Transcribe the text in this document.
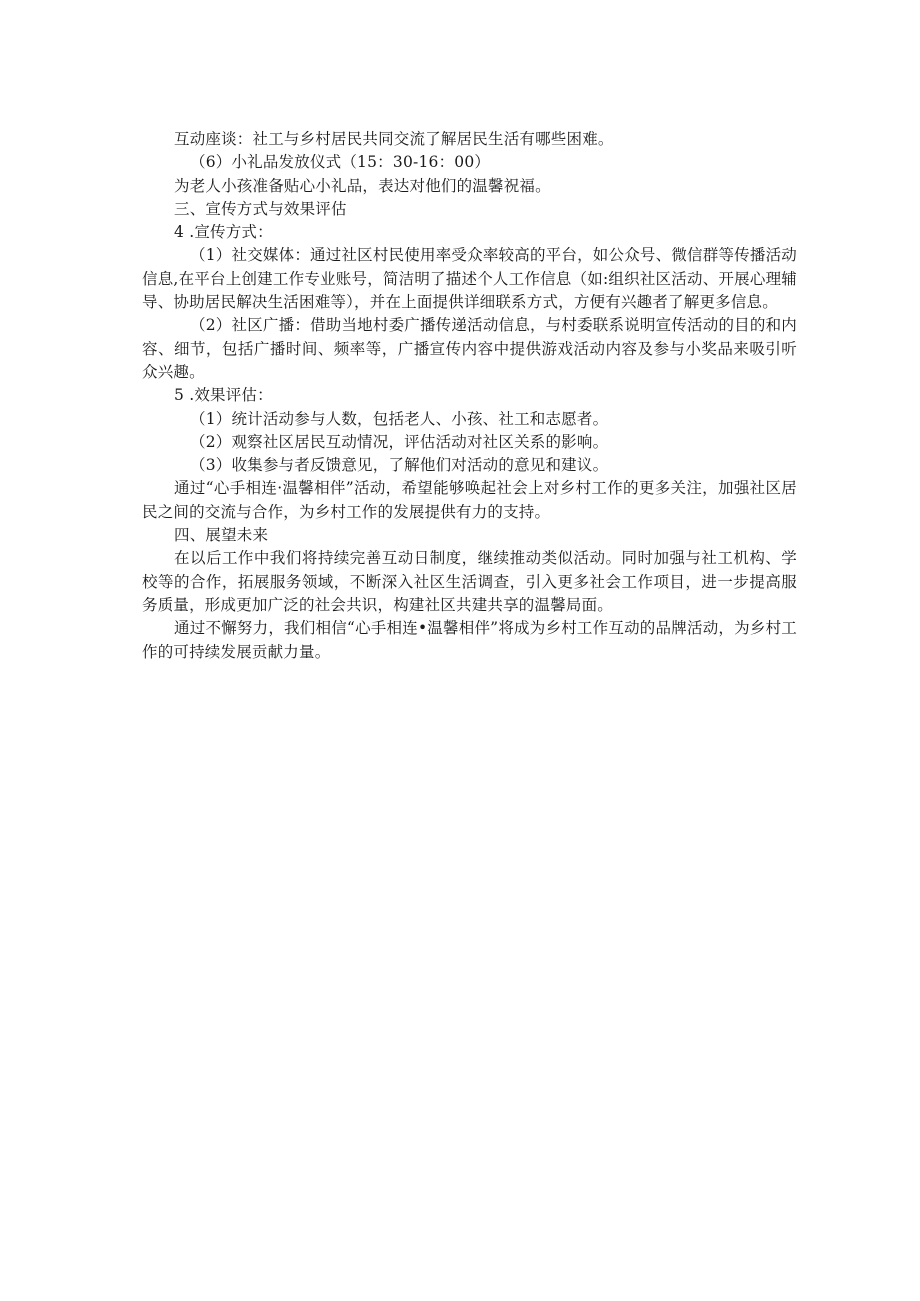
互动座谈：社工与乡村居民共同交流了解居民生活有哪些困难。

（6）小礼品发放仪式（15：30-16：00）

为老人小孩准备贴心小礼品，表达对他们的温馨祝福。

三、宣传方式与效果评估

4 .宣传方式：

（1）社交媒体：通过社区村民使用率受众率较高的平台，如公众号、微信群等传播活动信息,在平台上创建工作专业账号，简洁明了描述个人工作信息（如:组织社区活动、开展心理辅导、协助居民解决生活困难等），并在上面提供详细联系方式，方便有兴趣者了解更多信息。

（2）社区广播：借助当地村委广播传递活动信息，与村委联系说明宣传活动的目的和内容、细节，包括广播时间、频率等，广播宣传内容中提供游戏活动内容及参与小奖品来吸引听众兴趣。

5 .效果评估：

（1）统计活动参与人数，包括老人、小孩、社工和志愿者。

（2）观察社区居民互动情况，评估活动对社区关系的影响。

（3）收集参与者反馈意见，了解他们对活动的意见和建议。

通过“心手相连·温馨相伴”活动，希望能够唤起社会上对乡村工作的更多关注，加强社区居民之间的交流与合作，为乡村工作的发展提供有力的支持。

四、展望未来

在以后工作中我们将持续完善互动日制度，继续推动类似活动。同时加强与社工机构、学校等的合作，拓展服务领域，不断深入社区生活调查，引入更多社会工作项目，进一步提高服务质量，形成更加广泛的社会共识，构建社区共建共享的温馨局面。

通过不懈努力，我们相信“心手相连•温馨相伴”将成为乡村工作互动的品牌活动，为乡村工作的可持续发展贡献力量。
